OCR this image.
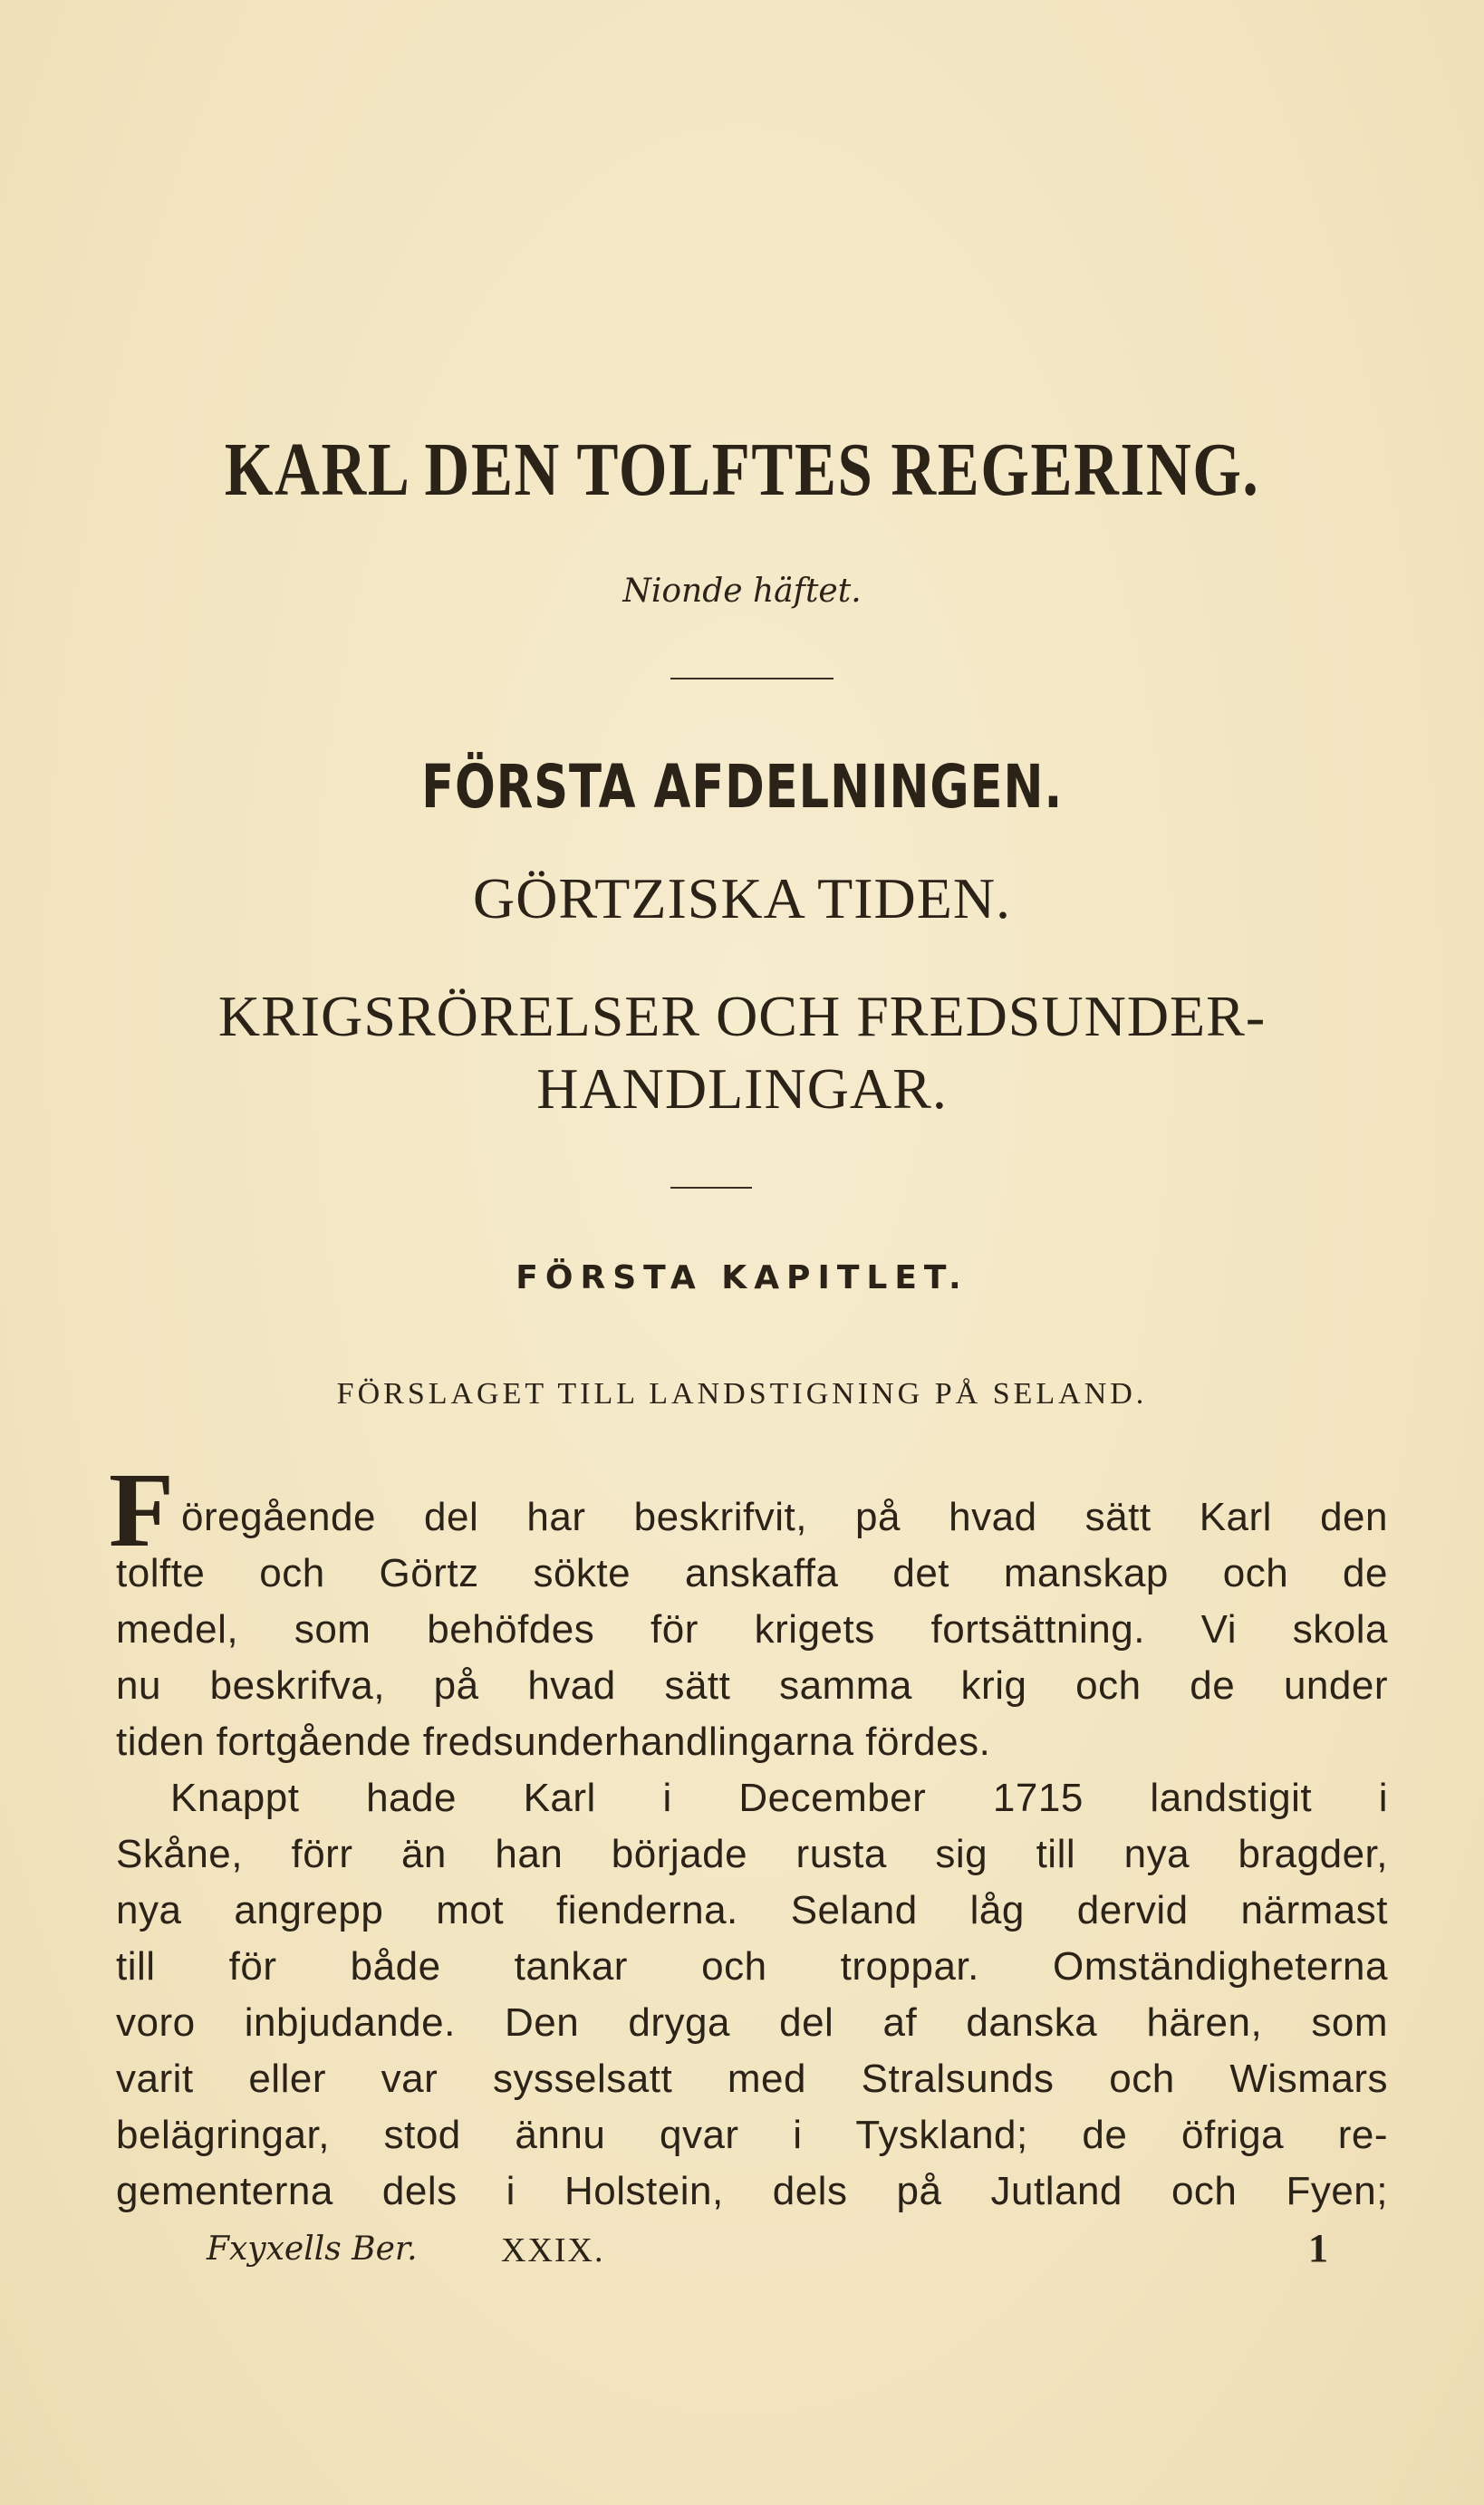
KARL DEN TOLFTES REGERING.
Nionde häftet.
FÖRSTA AFDELNINGEN.
GÖRTZISKA TIDEN.
KRIGSRÖRELSER OCH FREDSUNDER-
HANDLINGAR.
FÖRSTA KAPITLET.
FÖRSLAGET TILL LANDSTIGNING PÅ SELAND.
F öregående del har beskrifvit, på hvad sätt Karl den
tolfte och Görtz sökte anskaffa det manskap och de
medel, som behöfdes för krigets fortsättning. Vi skola
nu beskrifva, på hvad sätt samma krig och de under
tiden fortgående fredsunderhandlingarna fördes.
Knappt hade Karl i December 1715 landstigit i
Skåne, förr än han började rusta sig till nya bragder,
nya angrepp mot fienderna. Seland låg dervid närmast
till för både tankar och troppar. Omständigheterna
voro inbjudande. Den dryga del af danska hären, som
varit eller var sysselsatt med Stralsunds och Wismars
belägringar, stod ännu qvar i Tyskland; de öfriga re-
gementerna dels i Holstein, dels på Jutland och Fyen;
Fxyxells Ber. XXIX.	1
